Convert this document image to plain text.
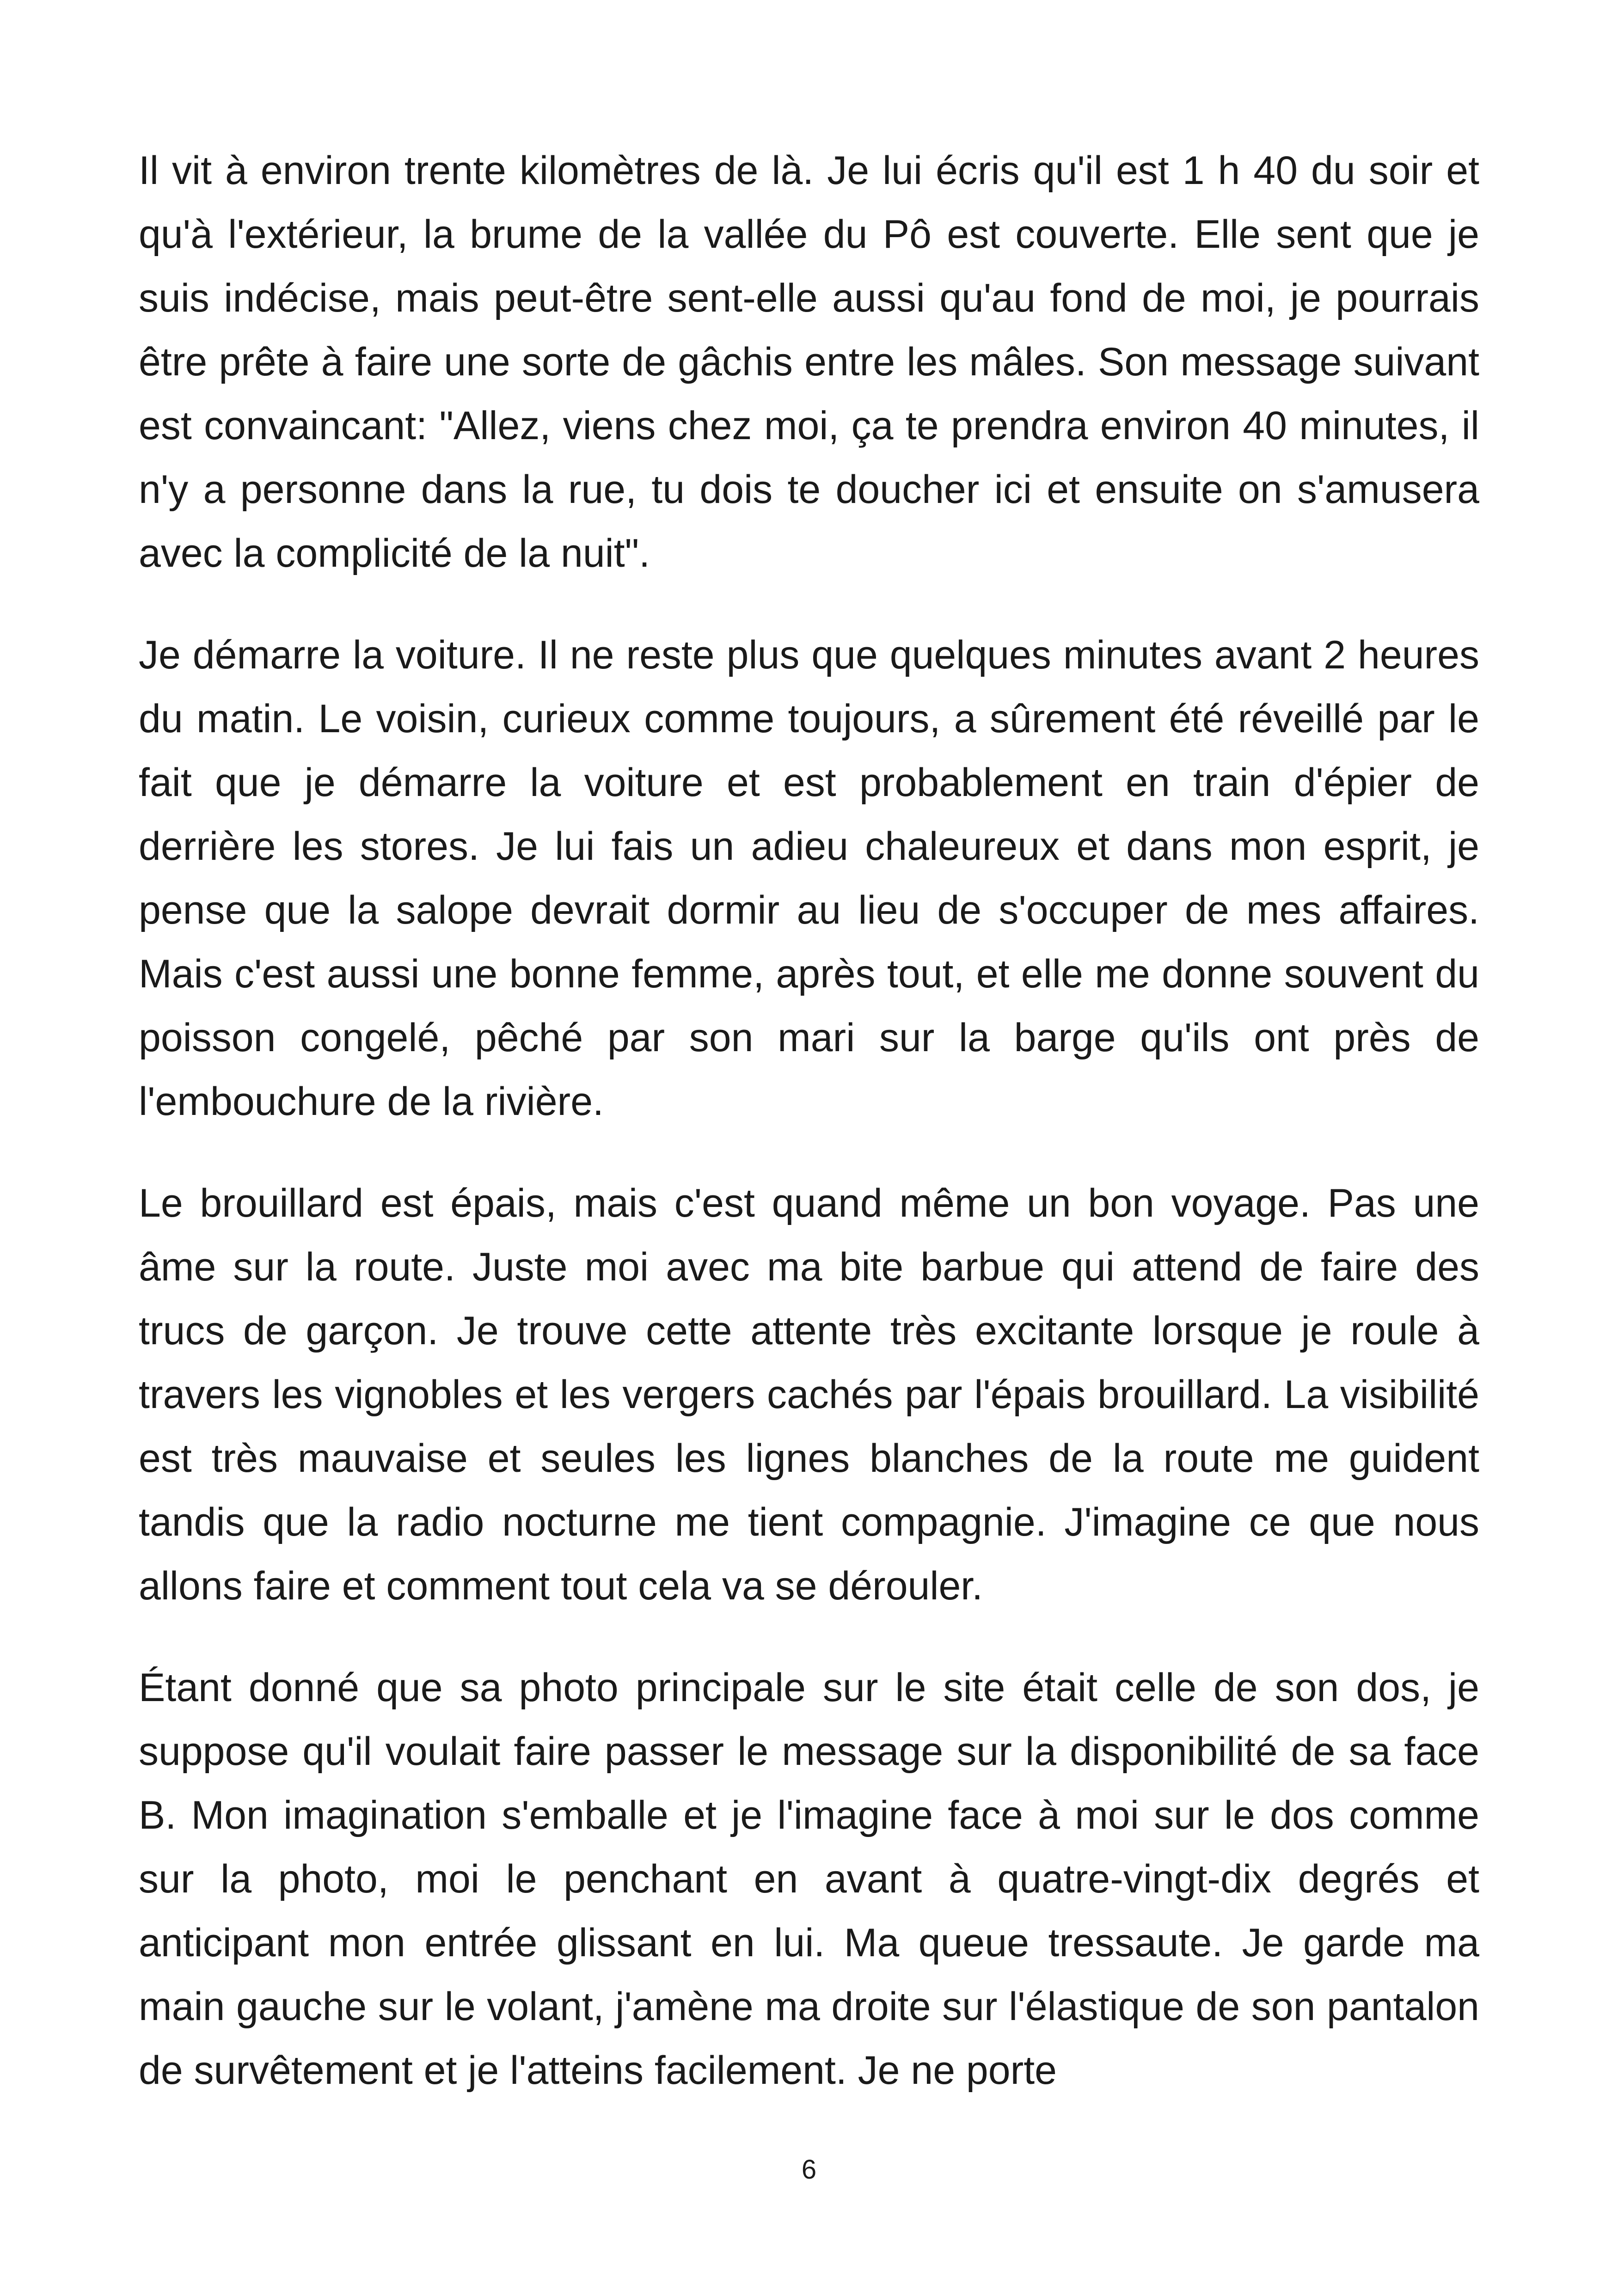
Il vit à environ trente kilomètres de là. Je lui écris qu'il est 1 h 40 du soir et qu'à l'extérieur, la brume de la vallée du Pô est couverte. Elle sent que je suis indécise, mais peut-être sent-elle aussi qu'au fond de moi, je pourrais être prête à faire une sorte de gâchis entre les mâles. Son message suivant est convaincant: "Allez, viens chez moi, ça te prendra environ 40 minutes, il n'y a personne dans la rue, tu dois te doucher ici et ensuite on s'amusera avec la complicité de la nuit".

Je démarre la voiture. Il ne reste plus que quelques minutes avant 2 heures du matin. Le voisin, curieux comme toujours, a sûrement été réveillé par le fait que je démarre la voiture et est probablement en train d'épier de derrière les stores. Je lui fais un adieu chaleureux et dans mon esprit, je pense que la salope devrait dormir au lieu de s'occuper de mes affaires. Mais c'est aussi une bonne femme, après tout, et elle me donne souvent du poisson congelé, pêché par son mari sur la barge qu'ils ont près de l'embouchure de la rivière.

Le brouillard est épais, mais c'est quand même un bon voyage. Pas une âme sur la route. Juste moi avec ma bite barbue qui attend de faire des trucs de garçon. Je trouve cette attente très excitante lorsque je roule à travers les vignobles et les vergers cachés par l'épais brouillard. La visibilité est très mauvaise et seules les lignes blanches de la route me guident tandis que la radio nocturne me tient compagnie. J'imagine ce que nous allons faire et comment tout cela va se dérouler.

Étant donné que sa photo principale sur le site était celle de son dos, je suppose qu'il voulait faire passer le message sur la disponibilité de sa face B. Mon imagination s'emballe et je l'imagine face à moi sur le dos comme sur la photo, moi le penchant en avant à quatre-vingt-dix degrés et anticipant mon entrée glissant en lui. Ma queue tressaute. Je garde ma main gauche sur le volant, j'amène ma droite sur l'élastique de son pantalon de survêtement et je l'atteins facilement. Je ne porte

6
